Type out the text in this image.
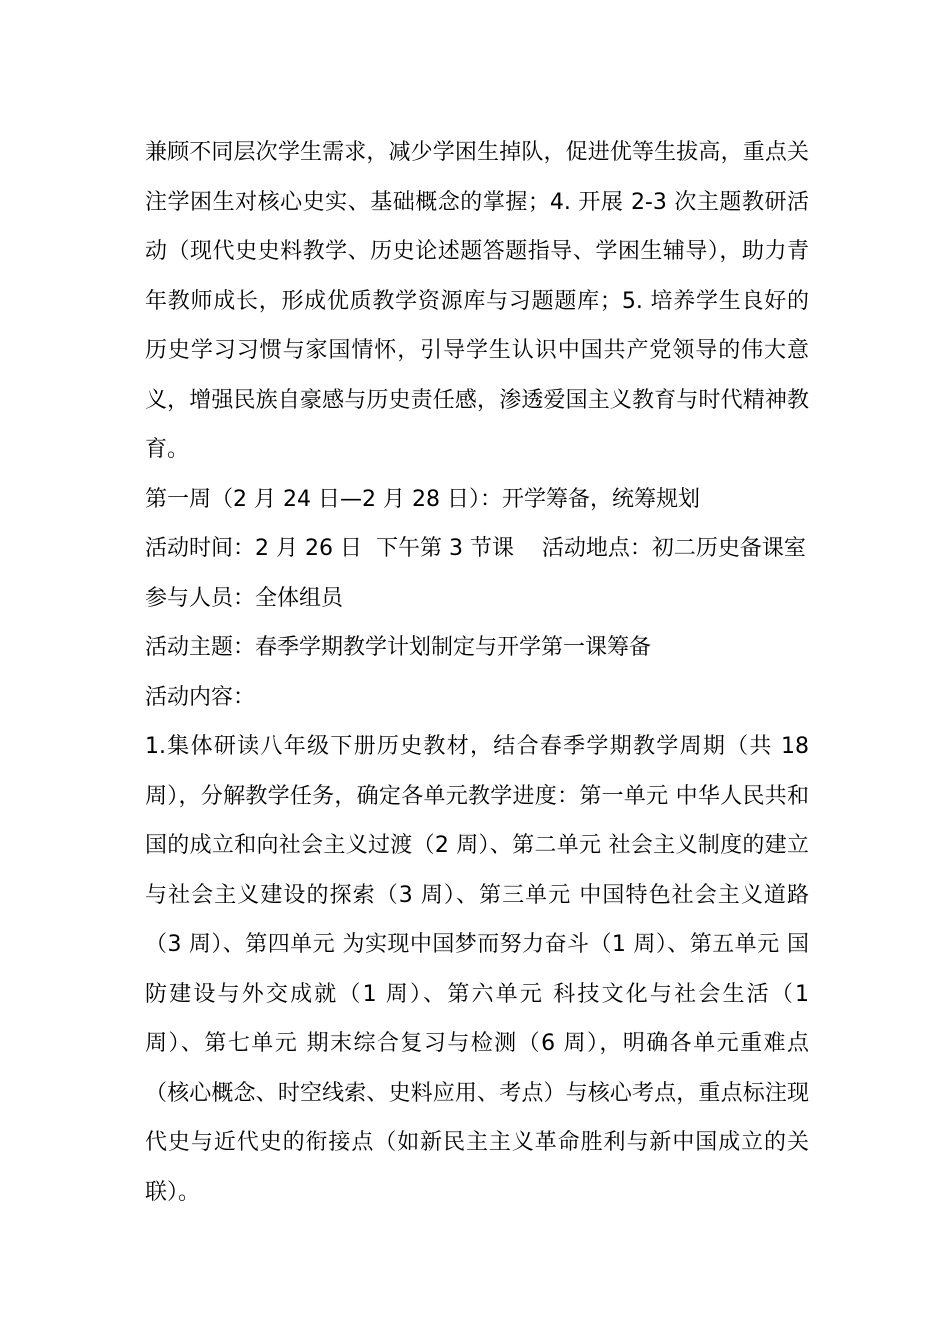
兼顾不同层次学生需求，减少学困生掉队，促进优等生拔高，重点关注学困生对核心史实、基础概念的掌握；4. 开展 2-3 次主题教研活动（现代史史料教学、历史论述题答题指导、学困生辅导），助力青年教师成长，形成优质教学资源库与习题题库；5. 培养学生良好的历史学习习惯与家国情怀，引导学生认识中国共产党领导的伟大意义，增强民族自豪感与历史责任感，渗透爱国主义教育与时代精神教育。

第一周（2 月 24 日—2 月 28 日）：开学筹备，统筹规划

活动时间：2 月 26 日  下午第 3 节课    活动地点：初二历史备课室

参与人员：全体组员

活动主题：春季学期教学计划制定与开学第一课筹备

活动内容：

1.集体研读八年级下册历史教材，结合春季学期教学周期（共 18 周），分解教学任务，确定各单元教学进度：第一单元 中华人民共和国的成立和向社会主义过渡（2 周）、第二单元 社会主义制度的建立与社会主义建设的探索（3 周）、第三单元 中国特色社会主义道路（3 周）、第四单元 为实现中国梦而努力奋斗（1 周）、第五单元 国防建设与外交成就（1 周）、第六单元 科技文化与社会生活（1 周）、第七单元 期末综合复习与检测（6 周），明确各单元重难点（核心概念、时空线索、史料应用、考点）与核心考点，重点标注现代史与近代史的衔接点（如新民主主义革命胜利与新中国成立的关联）。
